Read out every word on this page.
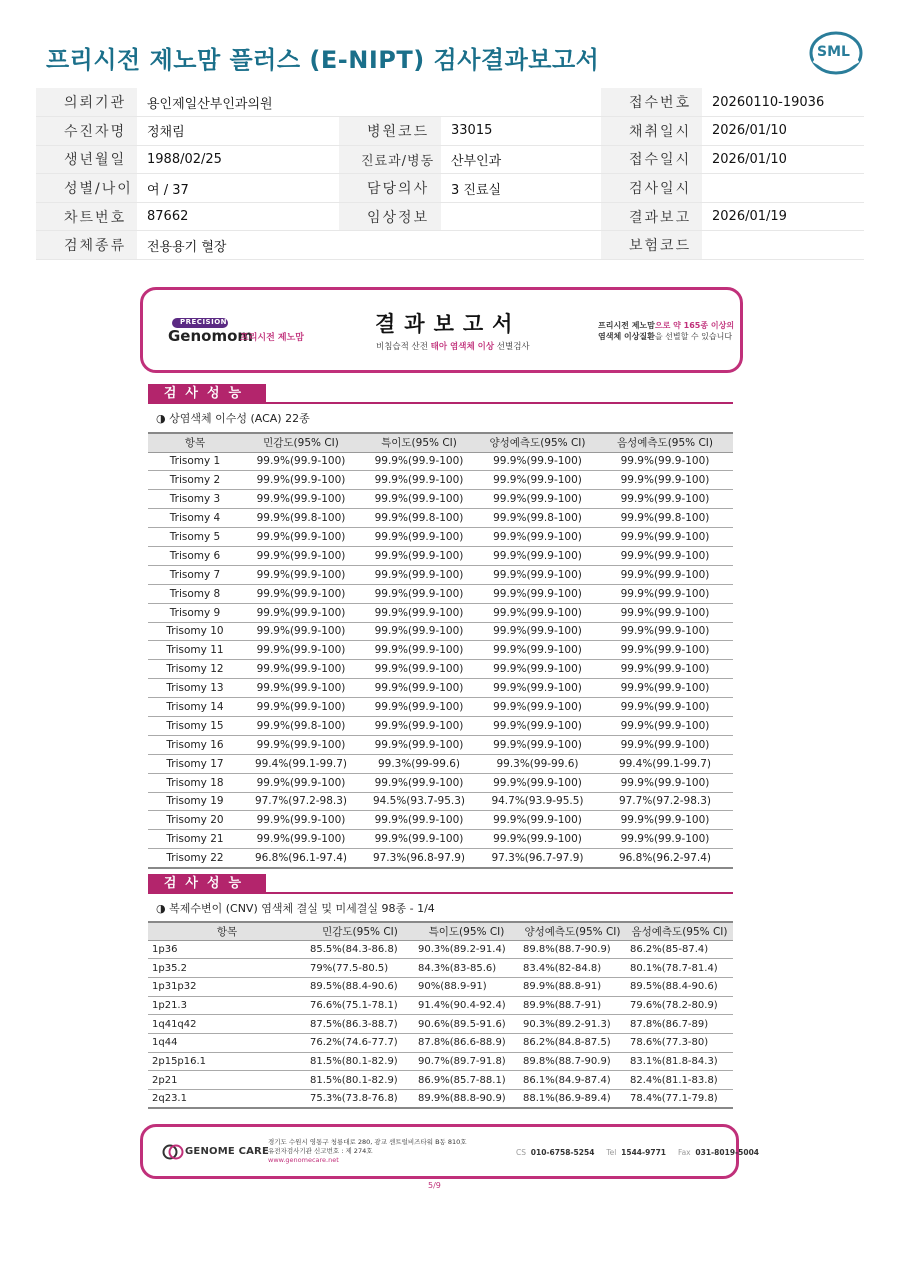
프리시전 제노맘 플러스 (E-NIPT) 검사결과보고서	SML
의뢰기관	용인제일산부인과의원			접수번호	20260110-19036
수진자명	정채림	병원코드	33015	채취일시	2026/01/10
생년월일	1988/02/25	진료과/병동	산부인과	접수일시	2026/01/10
성별/나이	여 / 37	담당의사	3 진료실	검사일시	
차트번호	87662	임상정보		결과보고	2026/01/19
검체종류	전용용기 혈장			보험코드	
PRECISION
Genomom
프리시전 제노맘
결과보고서
비침습적 산전 태아 염색체 이상 선별검사
프리시전 제노맘으로 약 165종 이상의
염색체 이상질환을 선별할 수 있습니다
검사성능
◑ 상염색체 이수성 (ACA) 22종
항목	민감도(95% CI)	특이도(95% CI)	양성예측도(95% CI)	음성예측도(95% CI)
Trisomy 1	99.9%(99.9-100)	99.9%(99.9-100)	99.9%(99.9-100)	99.9%(99.9-100)
Trisomy 2	99.9%(99.9-100)	99.9%(99.9-100)	99.9%(99.9-100)	99.9%(99.9-100)
Trisomy 3	99.9%(99.9-100)	99.9%(99.9-100)	99.9%(99.9-100)	99.9%(99.9-100)
Trisomy 4	99.9%(99.8-100)	99.9%(99.8-100)	99.9%(99.8-100)	99.9%(99.8-100)
Trisomy 5	99.9%(99.9-100)	99.9%(99.9-100)	99.9%(99.9-100)	99.9%(99.9-100)
Trisomy 6	99.9%(99.9-100)	99.9%(99.9-100)	99.9%(99.9-100)	99.9%(99.9-100)
Trisomy 7	99.9%(99.9-100)	99.9%(99.9-100)	99.9%(99.9-100)	99.9%(99.9-100)
Trisomy 8	99.9%(99.9-100)	99.9%(99.9-100)	99.9%(99.9-100)	99.9%(99.9-100)
Trisomy 9	99.9%(99.9-100)	99.9%(99.9-100)	99.9%(99.9-100)	99.9%(99.9-100)
Trisomy 10	99.9%(99.9-100)	99.9%(99.9-100)	99.9%(99.9-100)	99.9%(99.9-100)
Trisomy 11	99.9%(99.9-100)	99.9%(99.9-100)	99.9%(99.9-100)	99.9%(99.9-100)
Trisomy 12	99.9%(99.9-100)	99.9%(99.9-100)	99.9%(99.9-100)	99.9%(99.9-100)
Trisomy 13	99.9%(99.9-100)	99.9%(99.9-100)	99.9%(99.9-100)	99.9%(99.9-100)
Trisomy 14	99.9%(99.9-100)	99.9%(99.9-100)	99.9%(99.9-100)	99.9%(99.9-100)
Trisomy 15	99.9%(99.8-100)	99.9%(99.9-100)	99.9%(99.9-100)	99.9%(99.9-100)
Trisomy 16	99.9%(99.9-100)	99.9%(99.9-100)	99.9%(99.9-100)	99.9%(99.9-100)
Trisomy 17	99.4%(99.1-99.7)	99.3%(99-99.6)	99.3%(99-99.6)	99.4%(99.1-99.7)
Trisomy 18	99.9%(99.9-100)	99.9%(99.9-100)	99.9%(99.9-100)	99.9%(99.9-100)
Trisomy 19	97.7%(97.2-98.3)	94.5%(93.7-95.3)	94.7%(93.9-95.5)	97.7%(97.2-98.3)
Trisomy 20	99.9%(99.9-100)	99.9%(99.9-100)	99.9%(99.9-100)	99.9%(99.9-100)
Trisomy 21	99.9%(99.9-100)	99.9%(99.9-100)	99.9%(99.9-100)	99.9%(99.9-100)
Trisomy 22	96.8%(96.1-97.4)	97.3%(96.8-97.9)	97.3%(96.7-97.9)	96.8%(96.2-97.4)
검사성능
◑ 복제수변이 (CNV) 염색체 결실 및 미세결실 98종 - 1/4
항목	민감도(95% CI)	특이도(95% CI)	양성예측도(95% CI)	음성예측도(95% CI)
1p36	85.5%(84.3-86.8)	90.3%(89.2-91.4)	89.8%(88.7-90.9)	86.2%(85-87.4)
1p35.2	79%(77.5-80.5)	84.3%(83-85.6)	83.4%(82-84.8)	80.1%(78.7-81.4)
1p31p32	89.5%(88.4-90.6)	90%(88.9-91)	89.9%(88.8-91)	89.5%(88.4-90.6)
1p21.3	76.6%(75.1-78.1)	91.4%(90.4-92.4)	89.9%(88.7-91)	79.6%(78.2-80.9)
1q41q42	87.5%(86.3-88.7)	90.6%(89.5-91.6)	90.3%(89.2-91.3)	87.8%(86.7-89)
1q44	76.2%(74.6-77.7)	87.8%(86.6-88.9)	86.2%(84.8-87.5)	78.6%(77.3-80)
2p15p16.1	81.5%(80.1-82.9)	90.7%(89.7-91.8)	89.8%(88.7-90.9)	83.1%(81.8-84.3)
2p21	81.5%(80.1-82.9)	86.9%(85.7-88.1)	86.1%(84.9-87.4)	82.4%(81.1-83.8)
2q23.1	75.3%(73.8-76.8)	89.9%(88.8-90.9)	88.1%(86.9-89.4)	78.4%(77.1-79.8)
GENOME CARE
경기도 수원시 영통구 청룡대로 280, 광교 센트럴비즈타워 B동 810호
유전자검사기관 신고번호 : 제 274호
www.genomecare.net
CS 010-6758-5254 Tel 1544-9771 Fax 031-8019-5004
5/9
